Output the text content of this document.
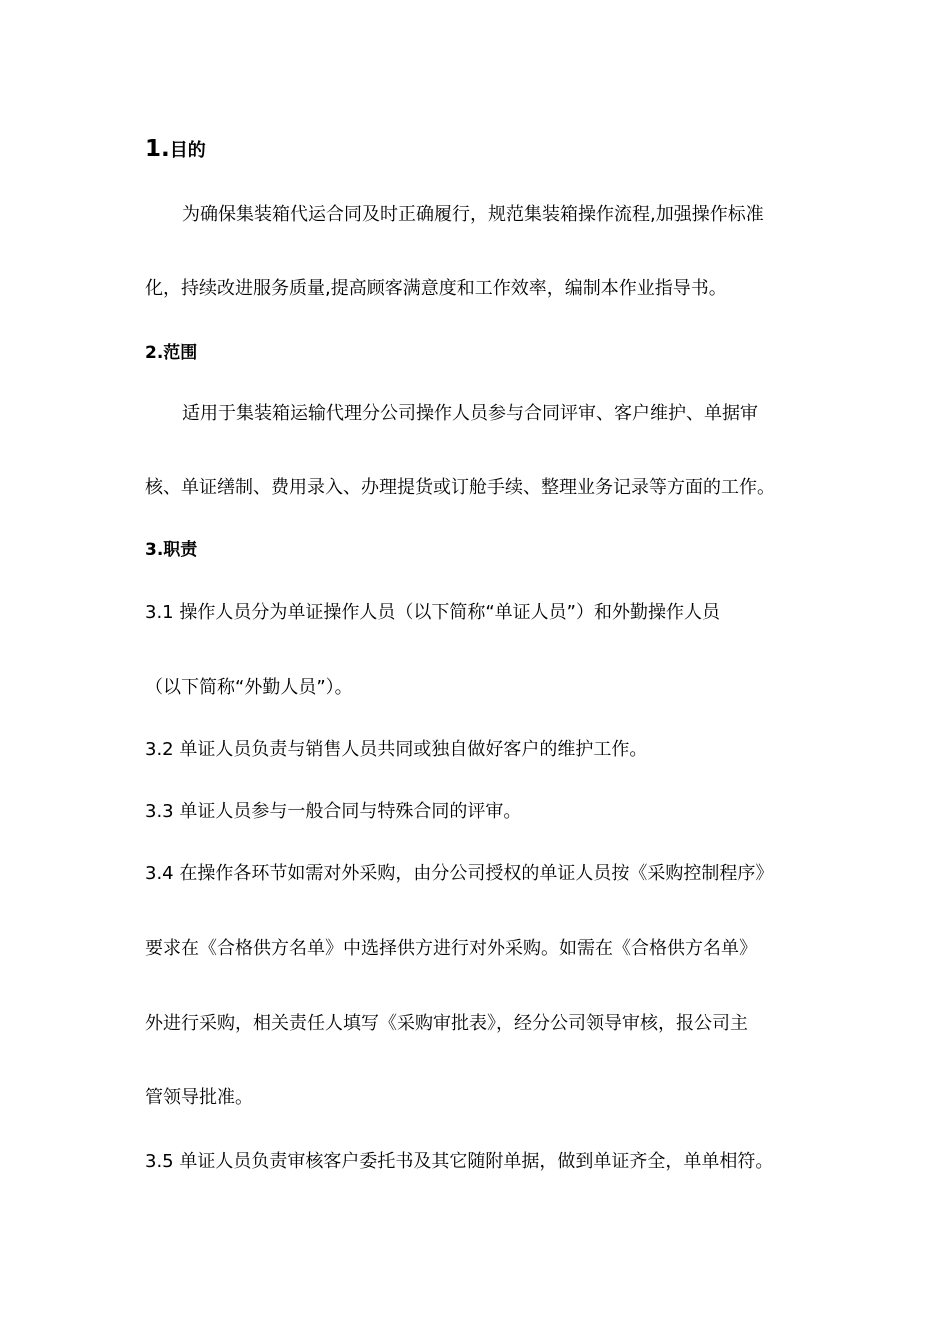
1.目的
为确保集装箱代运合同及时正确履行，规范集装箱操作流程,加强操作标准
化，持续改进服务质量,提高顾客满意度和工作效率，编制本作业指导书。
2.范围
适用于集装箱运输代理分公司操作人员参与合同评审、客户维护、单据审
核、单证缮制、费用录入、办理提货或订舱手续、整理业务记录等方面的工作。
3.职责
3.1 操作人员分为单证操作人员（以下简称“单证人员”）和外勤操作人员
（以下简称“外勤人员”）。
3.2 单证人员负责与销售人员共同或独自做好客户的维护工作。
3.3 单证人员参与一般合同与特殊合同的评审。
3.4 在操作各环节如需对外采购，由分公司授权的单证人员按《采购控制程序》
要求在《合格供方名单》中选择供方进行对外采购。如需在《合格供方名单》
外进行采购，相关责任人填写《采购审批表》，经分公司领导审核，报公司主
管领导批准。
3.5 单证人员负责审核客户委托书及其它随附单据，做到单证齐全，单单相符。
